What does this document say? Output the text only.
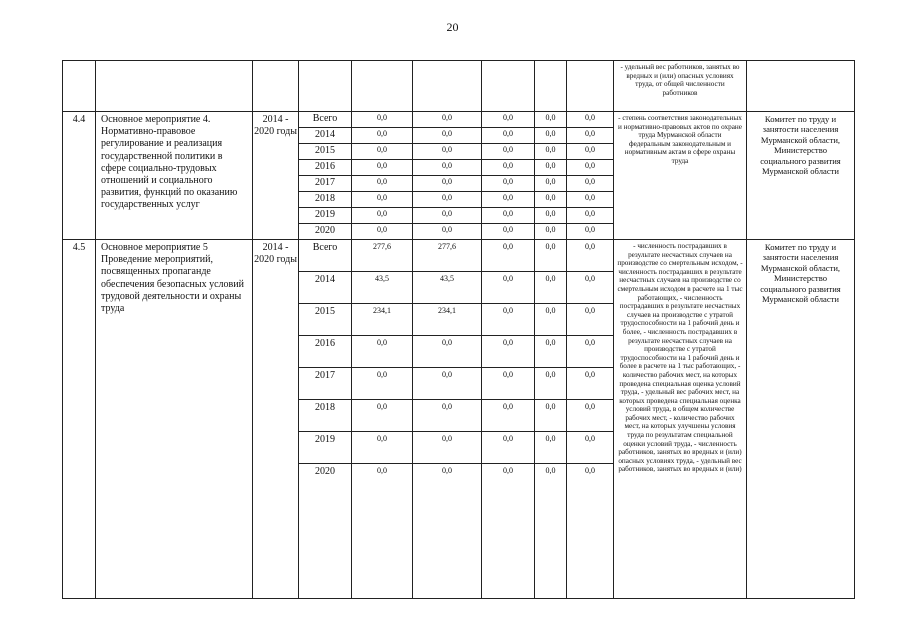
20
									- удельный вес работников, занятых во вредных и (или) опасных условиях труда, от общей численности работников	
4.4	Основное мероприятие 4. Нормативно-правовое регулирование и реализация государственной политики в сфере социально-трудовых отношений и социального развития, функций по оказанию государственных услуг	2014 - 2020 годы	Всего	0,0	0,0	0,0	0,0	0,0	- степень соответствия законодательных и нормативно-правовых актов по охране труда Мурманской области федеральным законодательным и нормативным актам в сфере охраны труда	Комитет по труду и занятости населения Мурманской области, Министерство социального развития Мурманской области
			2014	0,0	0,0	0,0	0,0	0,0		
			2015	0,0	0,0	0,0	0,0	0,0		
			2016	0,0	0,0	0,0	0,0	0,0		
			2017	0,0	0,0	0,0	0,0	0,0		
			2018	0,0	0,0	0,0	0,0	0,0		
			2019	0,0	0,0	0,0	0,0	0,0		
			2020	0,0	0,0	0,0	0,0	0,0		
4.5	Основное мероприятие 5 Проведение мероприятий, посвященных пропаганде обеспечения безопасных условий трудовой деятельности и охраны труда	2014 - 2020 годы	Всего	277,6	277,6	0,0	0,0	0,0	- численность пострадавших в результате несчастных случаев на производстве со смертельным исходом, - численность пострадавших в результате несчастных случаев на производстве со смертельным исходом в расчете на 1 тыс работающих, - численность пострадавших в результате несчастных случаев на производстве с утратой трудоспособности на 1 рабочий день и более, - численность пострадавших в результате несчастных случаев на производстве с утратой трудоспособности на 1 рабочий день и более в расчете на 1 тыс работающих, - количество рабочих мест, на которых проведена специальная оценка условий труда, - удельный вес рабочих мест, на которых проведена специальная оценка условий труда, в общем количестве рабочих мест, - количество рабочих мест, на которых улучшены условия труда по результатам специальной оценки условий труда, - численность работников, занятых во вредных и (или) опасных условиях труда, - удельный вес работников, занятых во вредных и (или)	Комитет по труду и занятости населения Мурманской области, Министерство социального развития Мурманской области
			2014	43,5	43,5	0,0	0,0	0,0		
			2015	234,1	234,1	0,0	0,0	0,0		
			2016	0,0	0,0	0,0	0,0	0,0		
			2017	0,0	0,0	0,0	0,0	0,0		
			2018	0,0	0,0	0,0	0,0	0,0		
			2019	0,0	0,0	0,0	0,0	0,0		
			2020	0,0	0,0	0,0	0,0	0,0		
